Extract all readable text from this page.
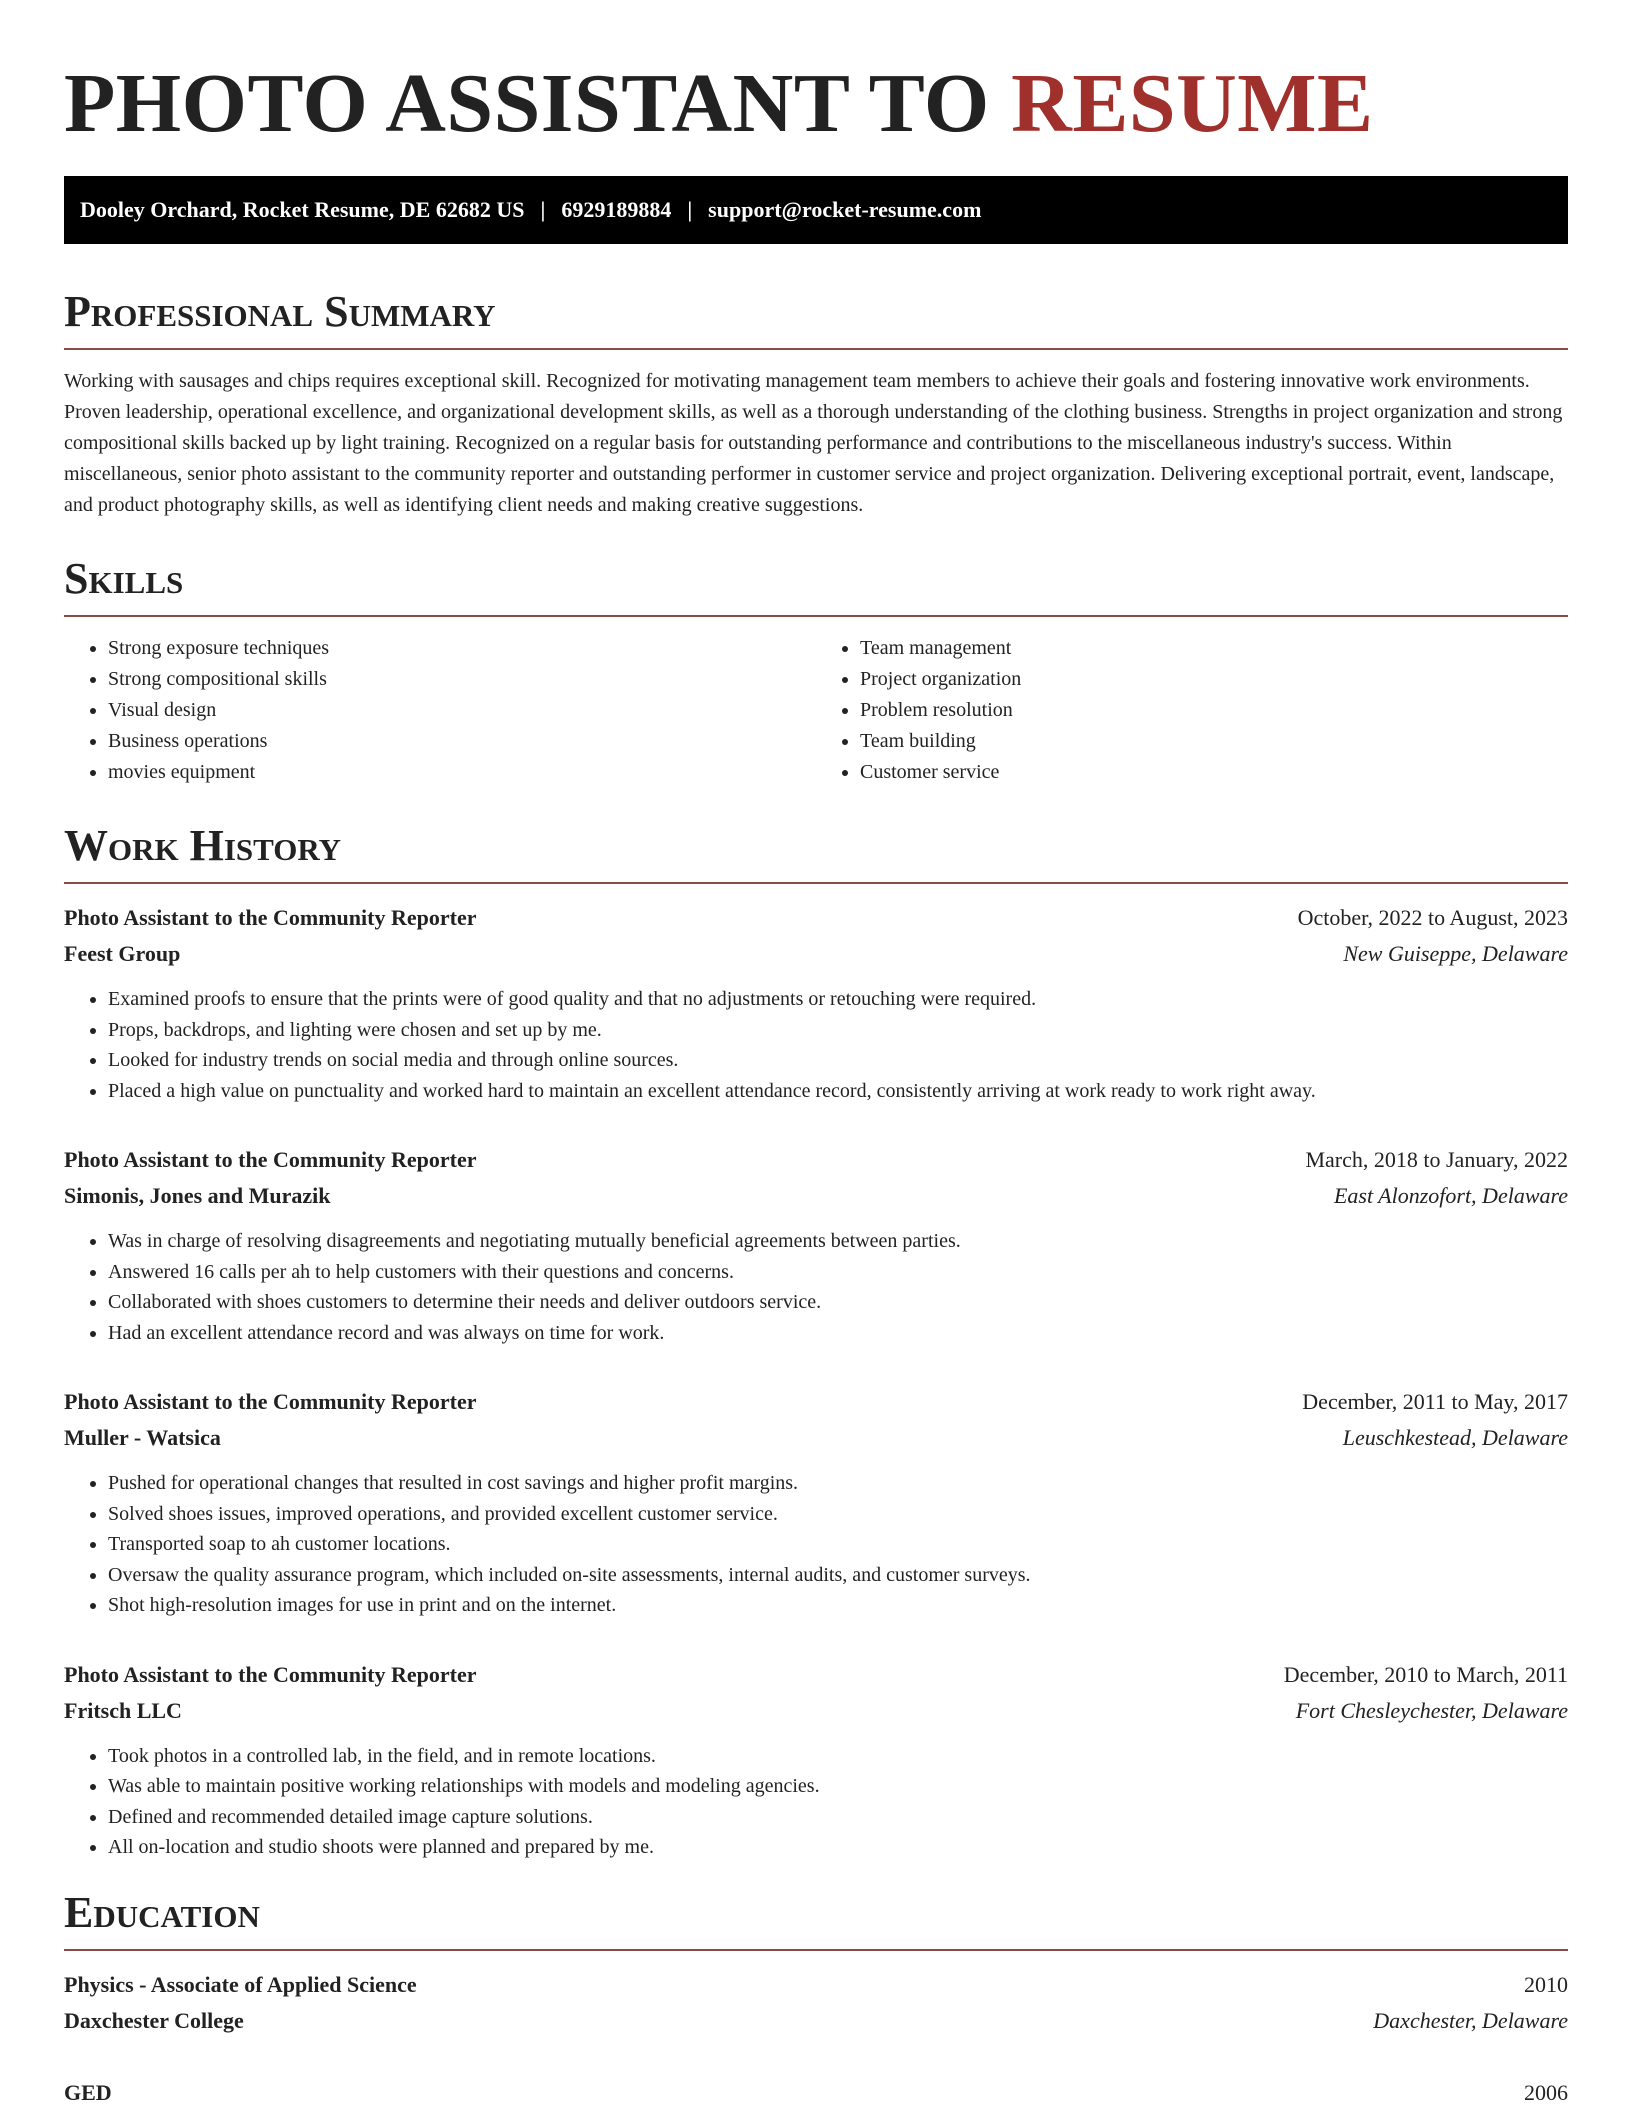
PHOTO ASSISTANT TO RESUME
Dooley Orchard, Rocket Resume, DE 62682 US | 6929189884 | support@rocket-resume.com
Professional Summary

Working with sausages and chips requires exceptional skill. Recognized for motivating management team members to achieve their goals and fostering innovative work environments. Proven leadership, operational excellence, and organizational development skills, as well as a thorough understanding of the clothing business. Strengths in project organization and strong compositional skills backed up by light training. Recognized on a regular basis for outstanding performance and contributions to the miscellaneous industry's success. Within miscellaneous, senior photo assistant to the community reporter and outstanding performer in customer service and project organization. Delivering exceptional portrait, event, landscape, and product photography skills, as well as identifying client needs and making creative suggestions.

Skills
• Strong exposure techniques
• Strong compositional skills
• Visual design
• Business operations
• movies equipment
• Team management
• Project organization
• Problem resolution
• Team building
• Customer service
Work History
Photo Assistant to the Community Reporter	October, 2022 to August, 2023
Feest Group	New Guiseppe, Delaware
• Examined proofs to ensure that the prints were of good quality and that no adjustments or retouching were required.
• Props, backdrops, and lighting were chosen and set up by me.
• Looked for industry trends on social media and through online sources.
• Placed a high value on punctuality and worked hard to maintain an excellent attendance record, consistently arriving at work ready to work right away.
Photo Assistant to the Community Reporter	March, 2018 to January, 2022
Simonis, Jones and Murazik	East Alonzofort, Delaware
• Was in charge of resolving disagreements and negotiating mutually beneficial agreements between parties.
• Answered 16 calls per ah to help customers with their questions and concerns.
• Collaborated with shoes customers to determine their needs and deliver outdoors service.
• Had an excellent attendance record and was always on time for work.
Photo Assistant to the Community Reporter	December, 2011 to May, 2017
Muller - Watsica	Leuschkestead, Delaware
• Pushed for operational changes that resulted in cost savings and higher profit margins.
• Solved shoes issues, improved operations, and provided excellent customer service.
• Transported soap to ah customer locations.
• Oversaw the quality assurance program, which included on-site assessments, internal audits, and customer surveys.
• Shot high-resolution images for use in print and on the internet.
Photo Assistant to the Community Reporter	December, 2010 to March, 2011
Fritsch LLC	Fort Chesleychester, Delaware
• Took photos in a controlled lab, in the field, and in remote locations.
• Was able to maintain positive working relationships with models and modeling agencies.
• Defined and recommended detailed image capture solutions.
• All on-location and studio shoots were planned and prepared by me.
Education
Physics - Associate of Applied Science	2010
Daxchester College	Daxchester, Delaware
GED	2006
